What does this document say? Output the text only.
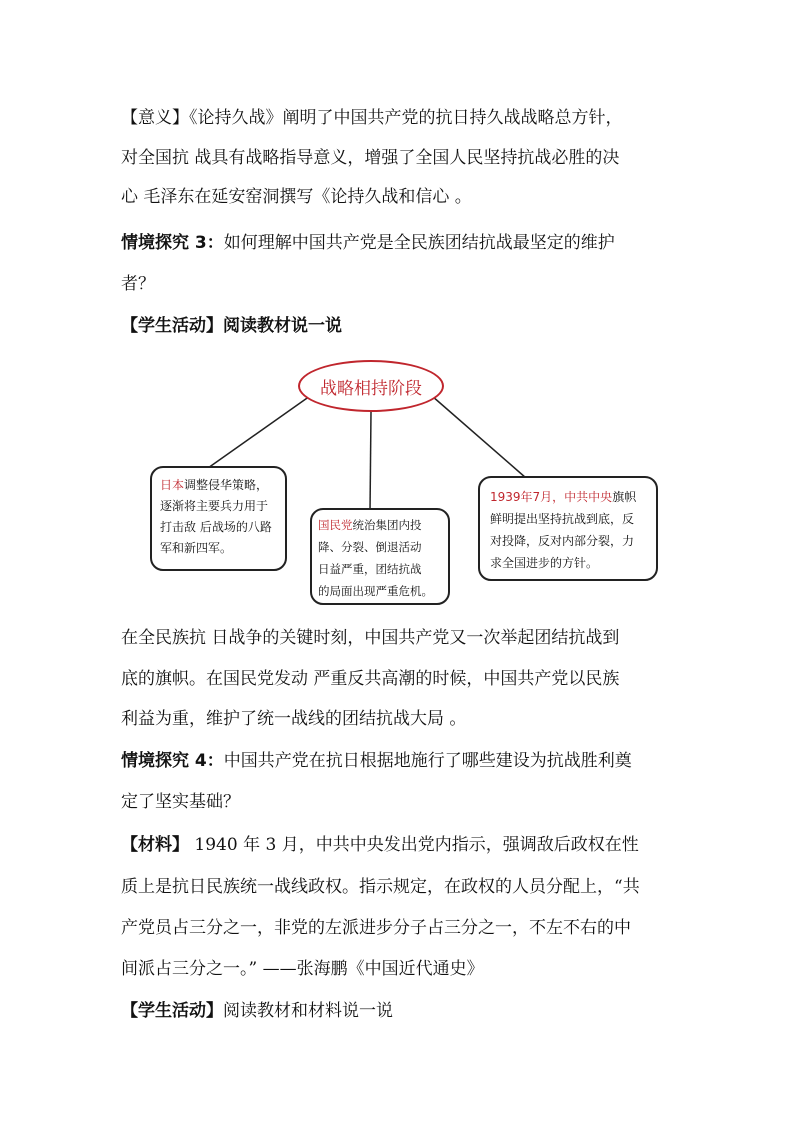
【意义】《论持久战》阐明了中国共产党的抗日持久战战略总方针，
对全国抗 战具有战略指导意义，增强了全国人民坚持抗战必胜的决
心 毛泽东在延安窑洞撰写《论持久战和信心 。
情境探究 3：如何理解中国共产党是全民族团结抗战最坚定的维护
者？
【学生活动】阅读教材说一说
战略相持阶段
日本调整侵华策略，
逐渐将主要兵力用于
打击敌 后战场的八路
军和新四军。
国民党统治集团内投
降、分裂、倒退活动
日益严重，团结抗战
的局面出现严重危机。
1939年7月，中共中央旗帜
鲜明提出坚持抗战到底，反
对投降，反对内部分裂，力
求全国进步的方针。
在全民族抗 日战争的关键时刻，中国共产党又一次举起团结抗战到
底的旗帜。在国民党发动 严重反共高潮的时候，中国共产党以民族
利益为重，维护了统一战线的团结抗战大局 。
情境探究 4：中国共产党在抗日根据地施行了哪些建设为抗战胜利奠
定了坚实基础？
【材料】 1940 年 3 月，中共中央发出党内指示，强调敌后政权在性
质上是抗日民族统一战线政权。指示规定，在政权的人员分配上，“共
产党员占三分之一，非党的左派进步分子占三分之一，不左不右的中
间派占三分之一。” ——张海鹏《中国近代通史》
【学生活动】阅读教材和材料说一说
